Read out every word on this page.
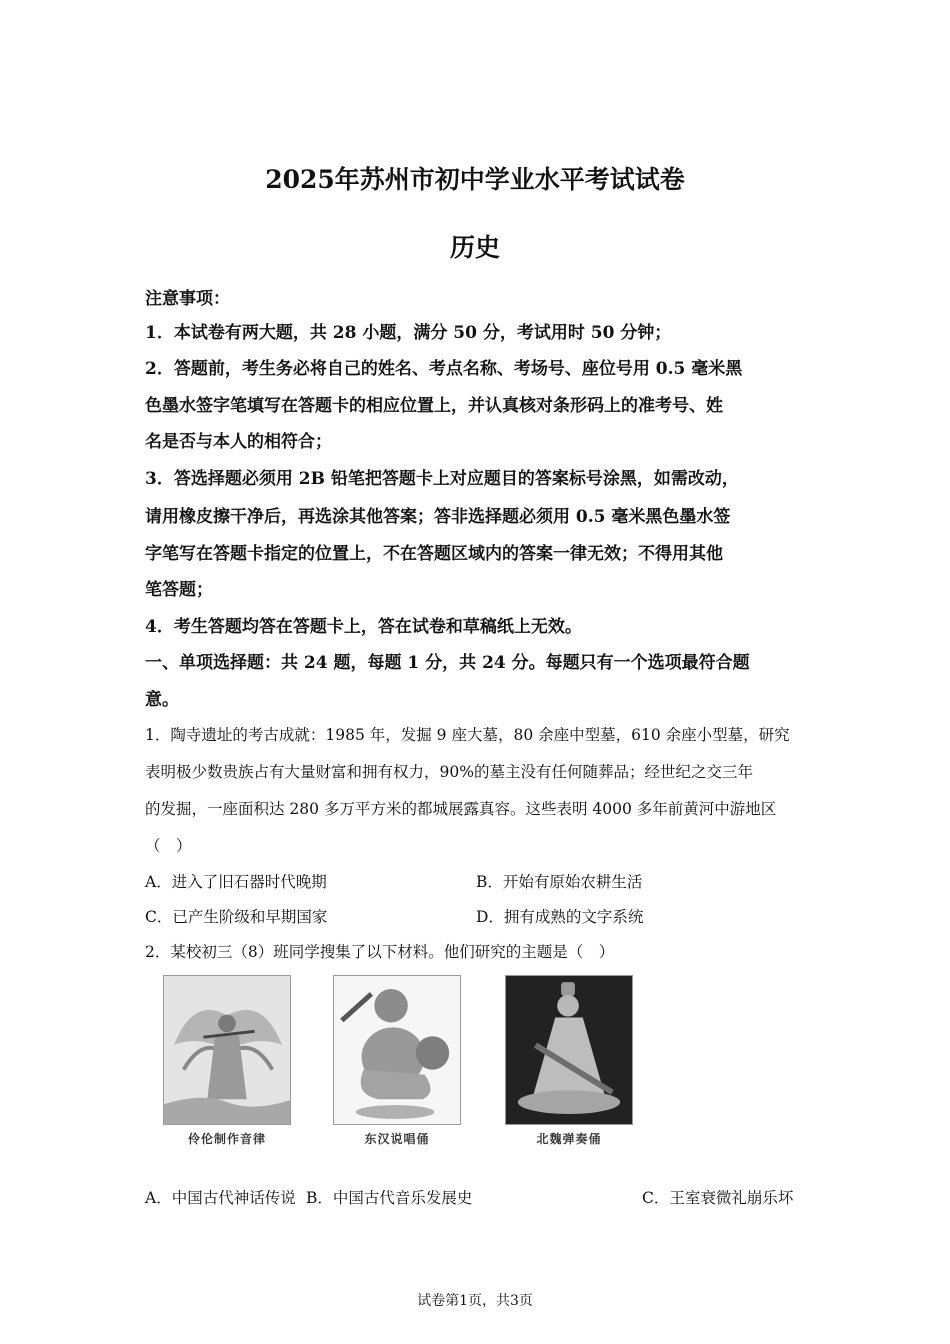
2025年苏州市初中学业水平考试试卷
历史
注意事项：
1．本试卷有两大题，共 28 小题，满分 50 分，考试用时 50 分钟；
2．答题前，考生务必将自己的姓名、考点名称、考场号、座位号用 0.5 毫米黑
色墨水签字笔填写在答题卡的相应位置上，并认真核对条形码上的准考号、姓
名是否与本人的相符合；
3．答选择题必须用 2B 铅笔把答题卡上对应题目的答案标号涂黑，如需改动，
请用橡皮擦干净后，再选涂其他答案；答非选择题必须用 0.5 毫米黑色墨水签
字笔写在答题卡指定的位置上，不在答题区域内的答案一律无效；不得用其他
笔答题；
4．考生答题均答在答题卡上，答在试卷和草稿纸上无效。
一、单项选择题：共 24 题，每题 1 分，共 24 分。每题只有一个选项最符合题
意。
1．陶寺遗址的考古成就：1985 年，发掘 9 座大墓，80 余座中型墓，610 余座小型墓，研究
表明极少数贵族占有大量财富和拥有权力，90%的墓主没有任何随葬品；经世纪之交三年
的发掘，一座面积达 280 多万平方米的都城展露真容。这些表明 4000 多年前黄河中游地区
（　）
A．进入了旧石器时代晚期	B．开始有原始农耕生活
C．已产生阶级和早期国家	D．拥有成熟的文字系统
2．某校初三（8）班同学搜集了以下材料。他们研究的主题是（　）
伶伦制作音律	东汉说唱俑	北魏弹奏俑
A．中国古代神话传说 B．中国古代音乐发展史	C．王室衰微礼崩乐坏
试卷第1页，共3页
